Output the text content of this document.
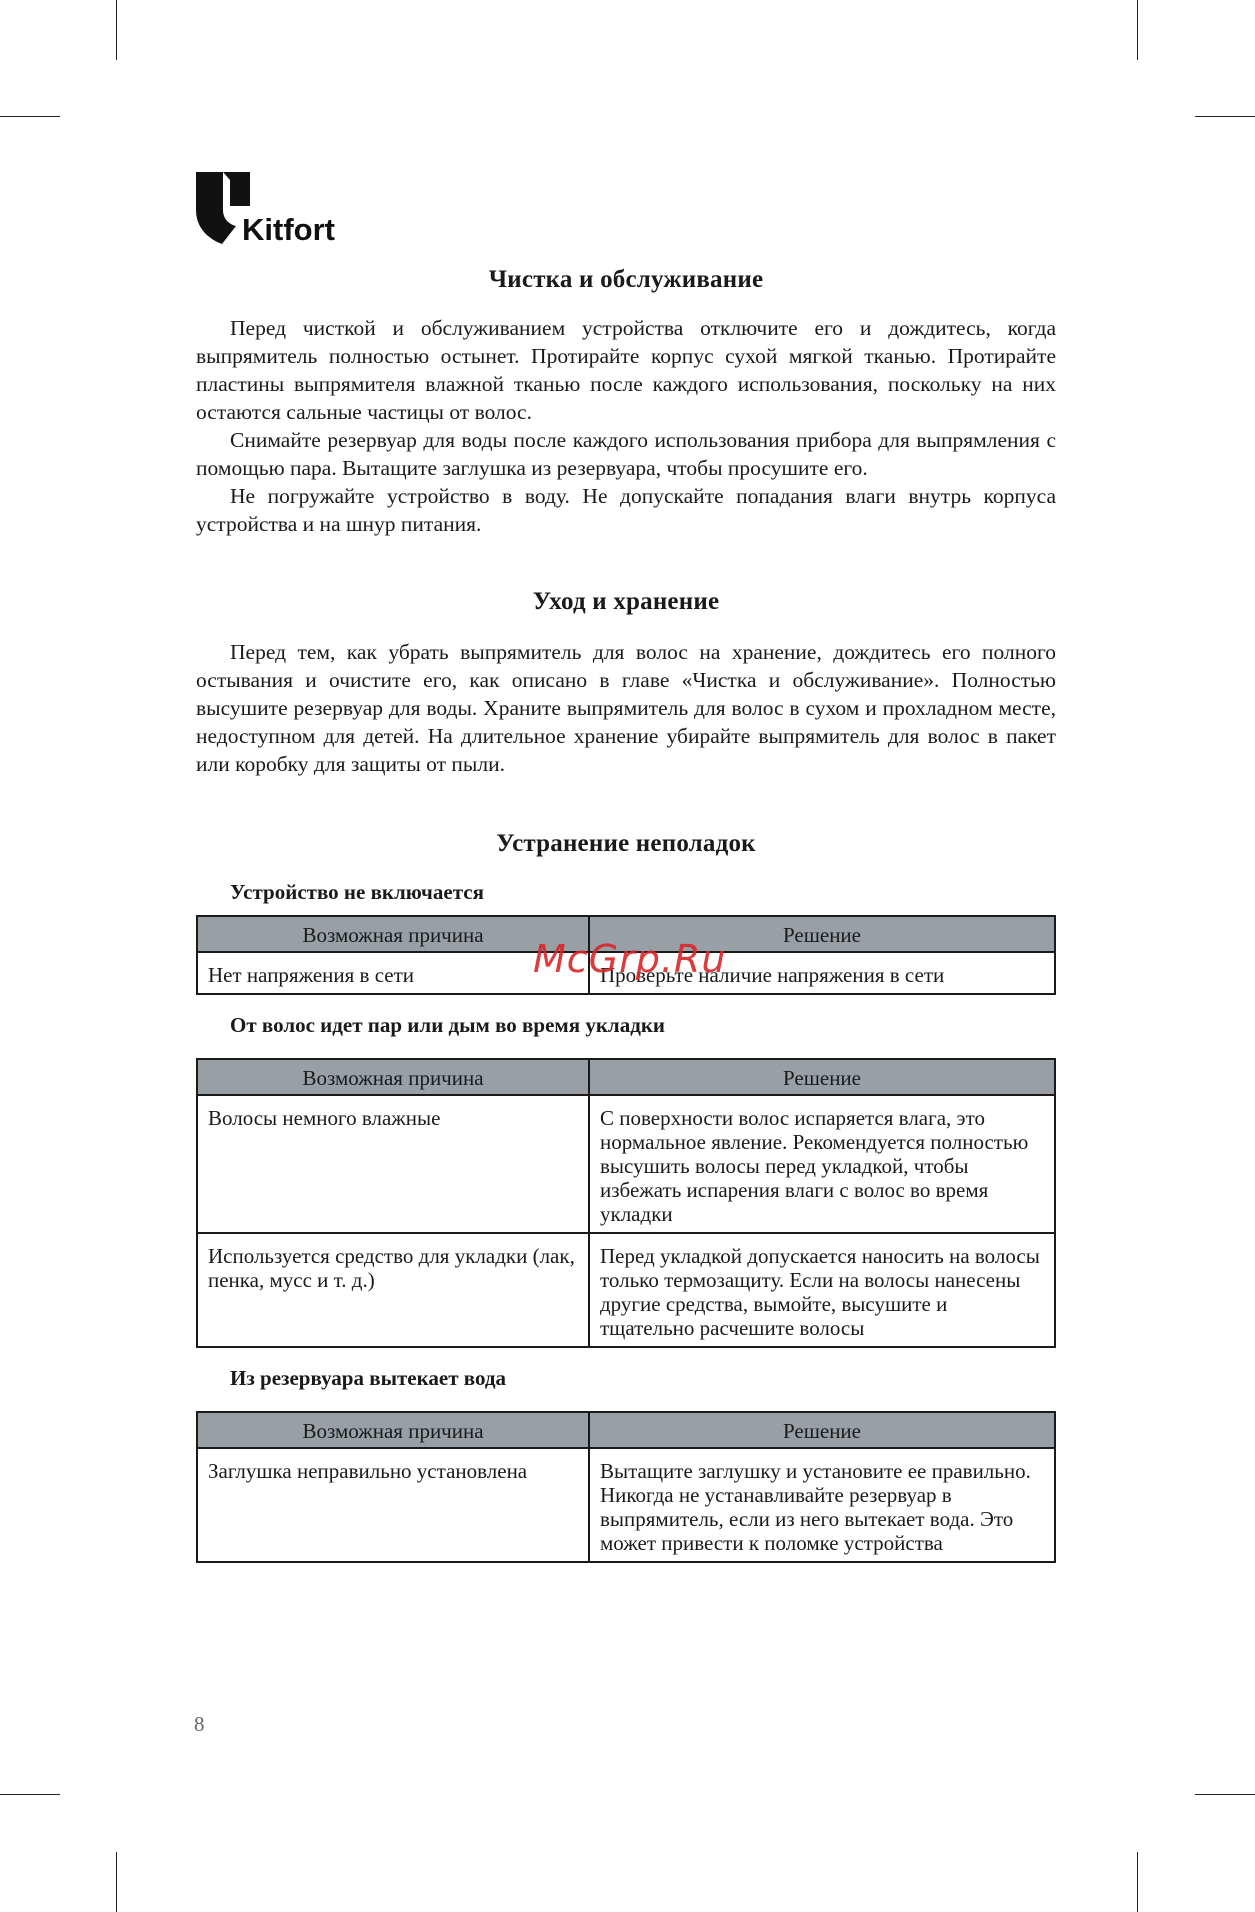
Kitfort
Чистка и обслуживание

Перед чисткой и обслуживанием устройства отключите его и дождитесь, когда выпрямитель полностью остынет. Протирайте корпус сухой мягкой тканью. Протирайте пластины выпрямителя влажной тканью после каждого использования, поскольку на них остаются сальные частицы от волос.

Снимайте резервуар для воды после каждого использования прибора для выпрямления с помощью пара. Вытащите заглушка из резервуара, чтобы просушите его.

Не погружайте устройство в воду. Не допускайте попадания влаги внутрь корпуса устройства и на шнур питания.

Уход и хранение

Перед тем, как убрать выпрямитель для волос на хранение, дождитесь его полного остывания и очистите его, как описано в главе «Чистка и обслуживание». Полностью высушите резервуар для воды. Храните выпрямитель для волос в сухом и прохладном месте, недоступном для детей. На длительное хранение убирайте выпрямитель для волос в пакет или коробку для защиты от пыли.

Устранение неполадок

Устройство не включается

Возможная причина	Решение
Нет напряжения в сети	Проверьте наличие напряжения в сети

От волос идет пар или дым во время укладки

Возможная причина	Решение
Волосы немного влажные	С поверхности волос испаряется влага, это нормальное явление. Рекомендуется полностью высушить волосы перед укладкой, чтобы избежать испарения влаги с волос во время укладки
Используется средство для укладки (лак, пенка, мусс и т. д.)	Перед укладкой допускается наносить на волосы только термозащиту. Если на волосы нанесены другие средства, вымойте, высушите и тщательно расчешите волосы

Из резервуара вытекает вода

Возможная причина	Решение
Заглушка неправильно установлена	Вытащите заглушку и установите ее правильно. Никогда не устанавливайте резервуар в выпрямитель, если из него вытекает вода. Это может привести к поломке устройства
McGrp.Ru
8
